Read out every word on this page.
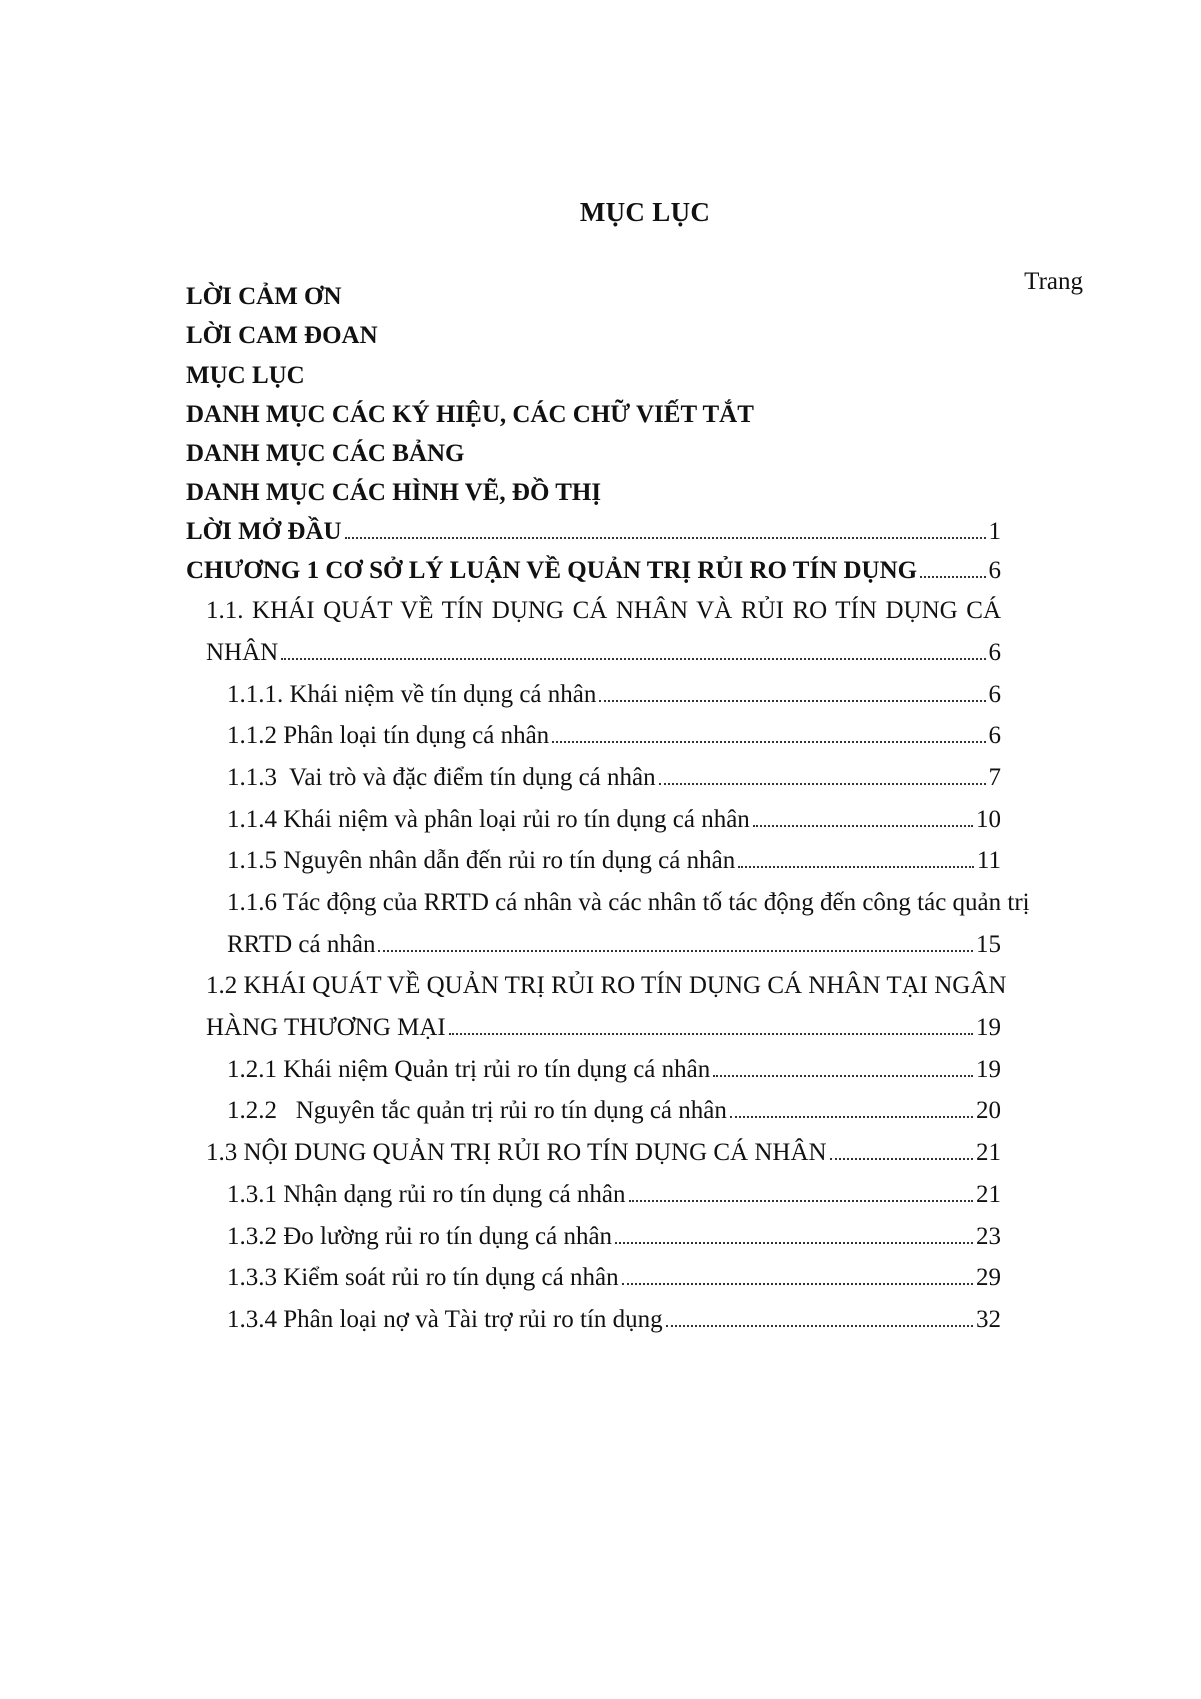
MỤC LỤC
Trang
LỜI CẢM ƠN
LỜI CAM ĐOAN
MỤC LỤC
DANH MỤC CÁC KÝ HIỆU, CÁC CHỮ VIẾT TẮT
DANH MỤC CÁC BẢNG
DANH MỤC CÁC HÌNH VẼ, ĐỒ THỊ
LỜI MỞ ĐẦU	1
CHƯƠNG 1 CƠ SỞ LÝ LUẬN VỀ QUẢN TRỊ RỦI RO TÍN DỤNG	6
1.1. KHÁI QUÁT VỀ TÍN DỤNG CÁ NHÂN VÀ RỦI RO TÍN DỤNG CÁ
NHÂN	6
1.1.1. Khái niệm về tín dụng cá nhân	6
1.1.2 Phân loại tín dụng cá nhân	6
1.1.3  Vai trò và đặc điểm tín dụng cá nhân	7
1.1.4 Khái niệm và phân loại rủi ro tín dụng cá nhân	10
1.1.5 Nguyên nhân dẫn đến rủi ro tín dụng cá nhân	11
1.1.6 Tác động của RRTD cá nhân và các nhân tố tác động đến công tác quản trị
RRTD cá nhân	15
1.2 KHÁI QUÁT VỀ QUẢN TRỊ RỦI RO TÍN DỤNG CÁ NHÂN TẠI NGÂN
HÀNG THƯƠNG MẠI	19
1.2.1 Khái niệm Quản trị rủi ro tín dụng cá nhân	19
1.2.2   Nguyên tắc quản trị rủi ro tín dụng cá nhân	20
1.3 NỘI DUNG QUẢN TRỊ RỦI RO TÍN DỤNG CÁ NHÂN	21
1.3.1 Nhận dạng rủi ro tín dụng cá nhân	21
1.3.2 Đo lường rủi ro tín dụng cá nhân	23
1.3.3 Kiểm soát rủi ro tín dụng cá nhân	29
1.3.4 Phân loại nợ và Tài trợ rủi ro tín dụng	32
